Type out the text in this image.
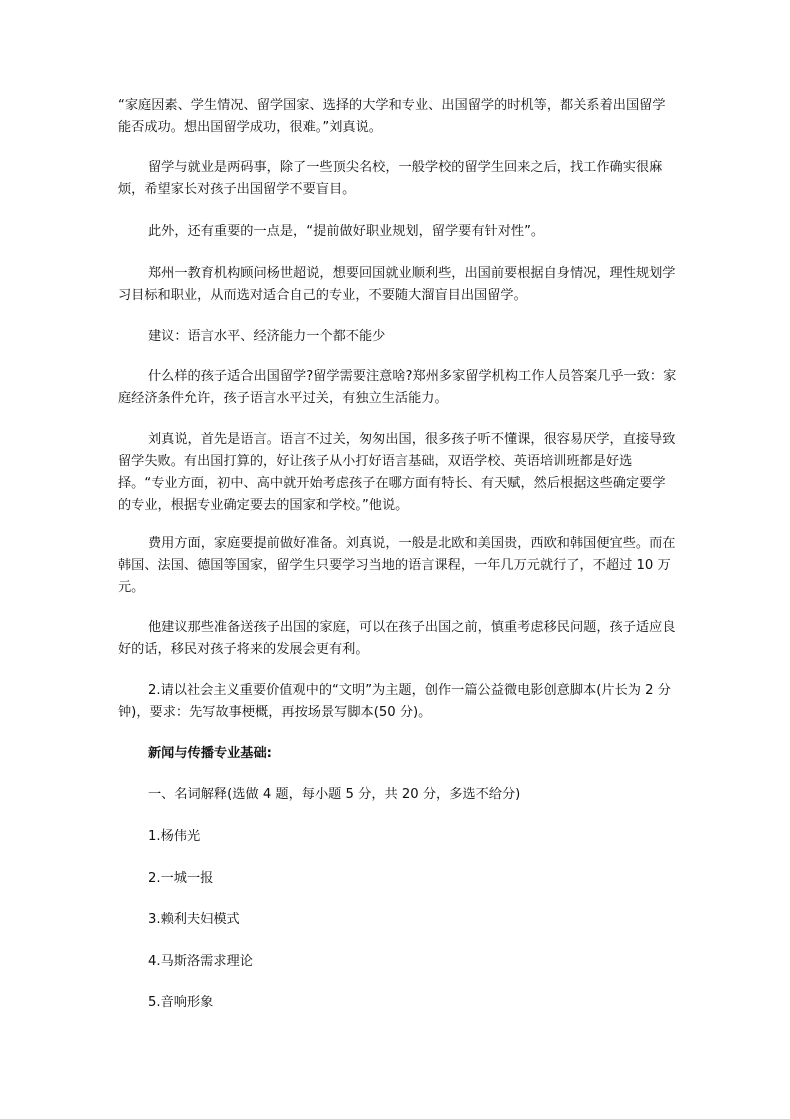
“家庭因素、学生情况、留学国家、选择的大学和专业、出国留学的时机等，都关系着出国留学能否成功。想出国留学成功，很难。”刘真说。

留学与就业是两码事，除了一些顶尖名校，一般学校的留学生回来之后，找工作确实很麻烦，希望家长对孩子出国留学不要盲目。

此外，还有重要的一点是，“提前做好职业规划，留学要有针对性”。

郑州一教育机构顾问杨世超说，想要回国就业顺利些，出国前要根据自身情况，理性规划学习目标和职业，从而选对适合自己的专业，不要随大溜盲目出国留学。

建议：语言水平、经济能力一个都不能少

什么样的孩子适合出国留学?留学需要注意啥?郑州多家留学机构工作人员答案几乎一致：家庭经济条件允许，孩子语言水平过关，有独立生活能力。

刘真说，首先是语言。语言不过关，匆匆出国，很多孩子听不懂课，很容易厌学，直接导致留学失败。有出国打算的，好让孩子从小打好语言基础，双语学校、英语培训班都是好选择。“专业方面，初中、高中就开始考虑孩子在哪方面有特长、有天赋，然后根据这些确定要学的专业，根据专业确定要去的国家和学校。”他说。

费用方面，家庭要提前做好准备。刘真说，一般是北欧和美国贵，西欧和韩国便宜些。而在韩国、法国、德国等国家，留学生只要学习当地的语言课程，一年几万元就行了，不超过 10 万元。

他建议那些准备送孩子出国的家庭，可以在孩子出国之前，慎重考虑移民问题，孩子适应良好的话，移民对孩子将来的发展会更有利。

2.请以社会主义重要价值观中的“文明”为主题，创作一篇公益微电影创意脚本(片长为 2 分钟)，要求：先写故事梗概，再按场景写脚本(50 分)。

新闻与传播专业基础:

一、名词解释(选做 4 题，每小题 5 分，共 20 分，多选不给分)

1.杨伟光

2.一城一报

3.赖利夫妇模式

4.马斯洛需求理论

5.音响形象
